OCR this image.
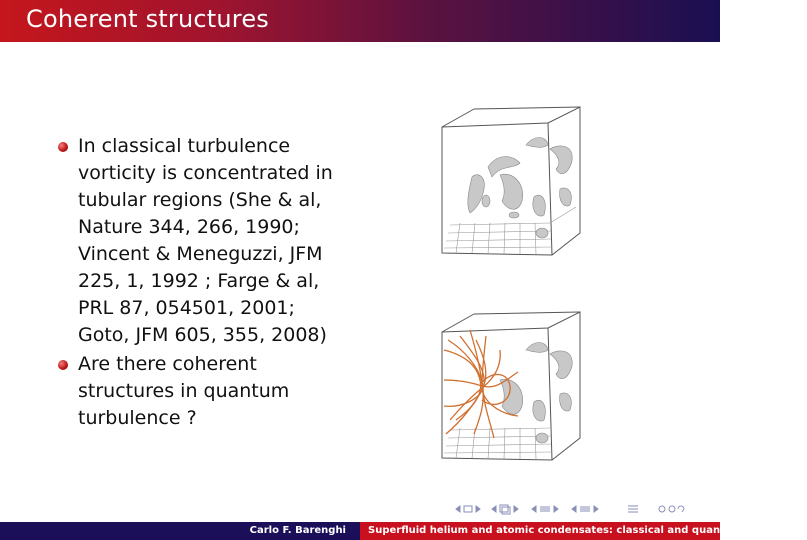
Coherent structures
In classical turbulence
vorticity is concentrated in
tubular regions (She & al,
Nature 344, 266, 1990;
Vincent & Meneguzzi, JFM
225, 1, 1992 ; Farge & al,
PRL 87, 054501, 2001;
Goto, JFM 605, 355, 2008)
Are there coherent
structures in quantum
turbulence ?
Carlo F. Barenghi Superfluid helium and atomic condensates: classical and quantum turbulence
